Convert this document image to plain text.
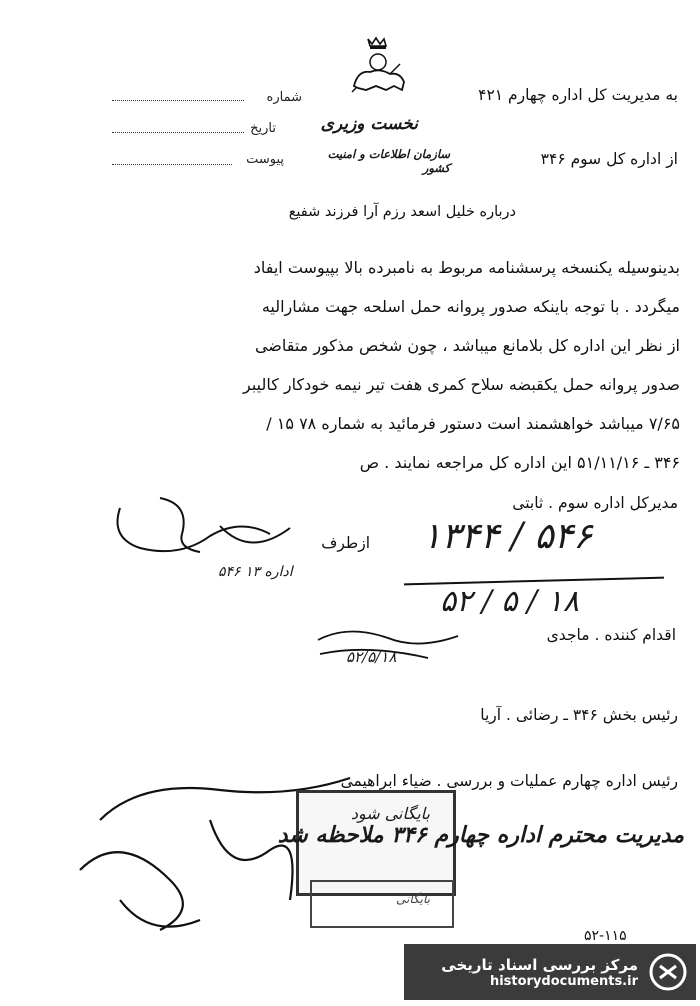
شماره
تاریخ
پیوست
به مدیریت کل اداره چهارم ۴۲۱
نخست وزیری
سازمان اطلاعات و امنیت کشور	از اداره کل سوم ۳۴۶
درباره خلیل اسعد رزم آرا فرزند شفیع
بدینوسیله یکنسخه پرسشنامه مربوط به نامبرده بالا بپیوست ایفاد
میگردد . با توجه باینکه صدور پروانه حمل اسلحه جهت مشارالیه
از نظر این اداره کل بلامانع میباشد ، چون شخص مذکور متقاضی
صدور پروانه حمل یکقبضه سلاح کمری هفت تیر نیمه خودکار کالیبر
۷/۶۵ میباشد خواهشمند است دستور فرمائید به شماره ۷۸ ۱۵ /
۳۴۶ ـ ۵۱/۱۱/۱۶ این اداره کل مراجعه نمایند . ص
مدیرکل اداره سوم . ثابتی
ازطرف
۵۴۶ اداره ۱۳
۱۳۴۴ / ۵۴۶
۵۲ / ۵ / ۱۸
اقدام کننده . ماجدی
۵۲/۵/۱۸
رئیس بخش ۳۴۶ ـ رضائی . آریا
رئیس اداره چهارم عملیات و بررسی . ضیاء ابراهیمی
بایگانی شود
بایگانی
مدیریت محترم اداره چهارم ۳۴۶ ملاحظه شد
۵۲-۱۱۵
مرکز بررسی اسناد تاریخی
historydocuments.ir
